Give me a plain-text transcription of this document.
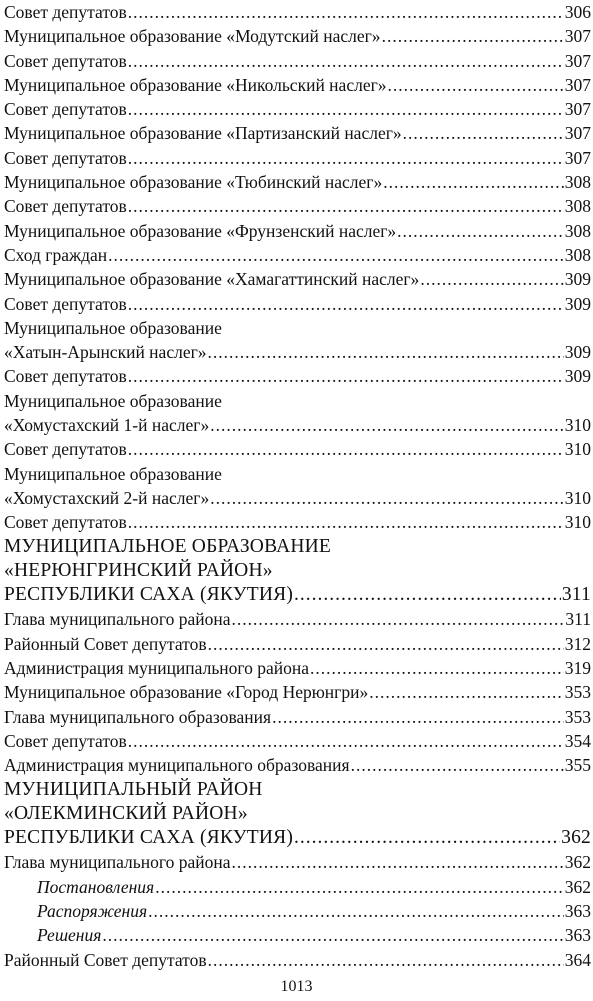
Совет депутатов .....	306
Муниципальное образование «Модутский наслег» .....	307
Совет депутатов .....	307
Муниципальное образование «Никольский наслег» .....	307
Совет депутатов .....	307
Муниципальное образование «Партизанский наслег» .....	307
Совет депутатов .....	307
Муниципальное образование «Тюбинский наслег» .....	308
Совет депутатов .....	308
Муниципальное образование «Фрунзенский наслег» .....	308
Сход граждан .....	308
Муниципальное образование «Хамагаттинский наслег» .....	309
Совет депутатов .....	309
Муниципальное образование
«Хатын-Арынский наслег» .....	309
Совет депутатов .....	309
Муниципальное образование
«Хомустахский 1-й наслег» .....	310
Совет депутатов .....	310
Муниципальное образование
«Хомустахский 2-й наслег» .....	310
Совет депутатов .....	310
МУНИЦИПАЛЬНОЕ ОБРАЗОВАНИЕ
«НЕРЮНГРИНСКИЙ РАЙОН»
РЕСПУБЛИКИ САХА (ЯКУТИЯ) .....	311
Глава муниципального района .....	311
Районный Совет депутатов .....	312
Администрация муниципального района .....	319
Муниципальное образование «Город Нерюнгри» .....	353
Глава муниципального образования .....	353
Совет депутатов .....	354
Администрация муниципального образования .....	355
МУНИЦИПАЛЬНЫЙ РАЙОН
«ОЛЕКМИНСКИЙ РАЙОН»
РЕСПУБЛИКИ САХА (ЯКУТИЯ) .....	362
Глава муниципального района .....	362
Постановления .....	362
Распоряжения .....	363
Решения .....	363
Районный Совет депутатов .....	364
1013
